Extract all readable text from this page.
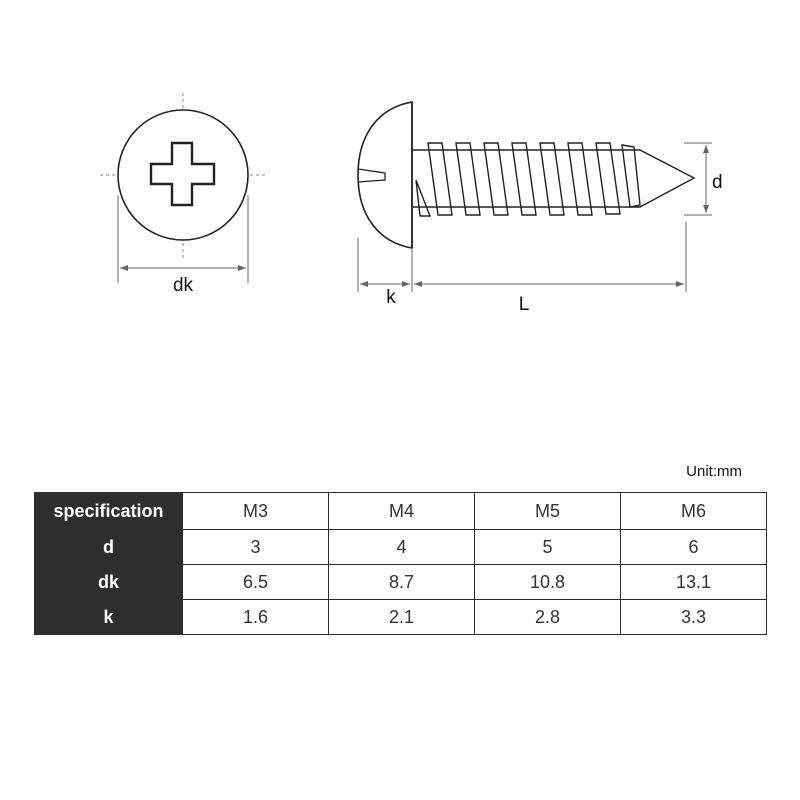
dk
d
k	L
Unit:mm
specification	M3	M4	M5	M6
d	3	4	5	6
dk	6.5	8.7	10.8	13.1
k	1.6	2.1	2.8	3.3
